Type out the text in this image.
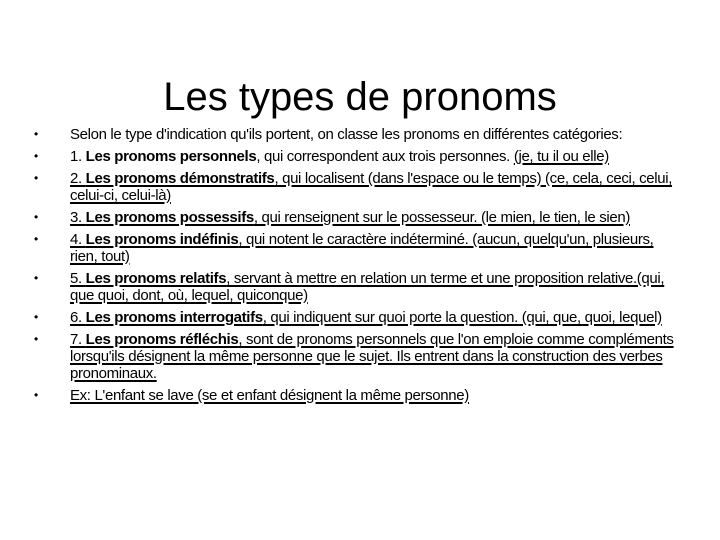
Les types de pronoms
•	Selon le type d'indication qu'ils portent, on classe les pronoms en différentes catégories:
•	1. Les pronoms personnels, qui correspondent aux trois personnes. (je, tu il ou elle)
•	2. Les pronoms démonstratifs, qui localisent (dans l'espace ou le temps) (ce, cela, ceci, celui, celui-ci, celui-là)
•	3. Les pronoms possessifs, qui renseignent sur le possesseur. (le mien, le tien, le sien)
•	4. Les pronoms indéfinis, qui notent le caractère indéterminé. (aucun, quelqu'un, plusieurs, rien, tout)
•	5. Les pronoms relatifs, servant à mettre en relation un terme et une proposition relative.(qui, que quoi, dont, où, lequel, quiconque)
•	6. Les pronoms interrogatifs, qui indiquent sur quoi porte la question. (qui, que, quoi, lequel)
•	7. Les pronoms réfléchis, sont de pronoms personnels que l'on emploie comme compléments lorsqu'ils désignent la même personne que le sujet. Ils entrent dans la construction des verbes pronominaux.
•	Ex: L'enfant se lave (se et enfant désignent la même personne)
